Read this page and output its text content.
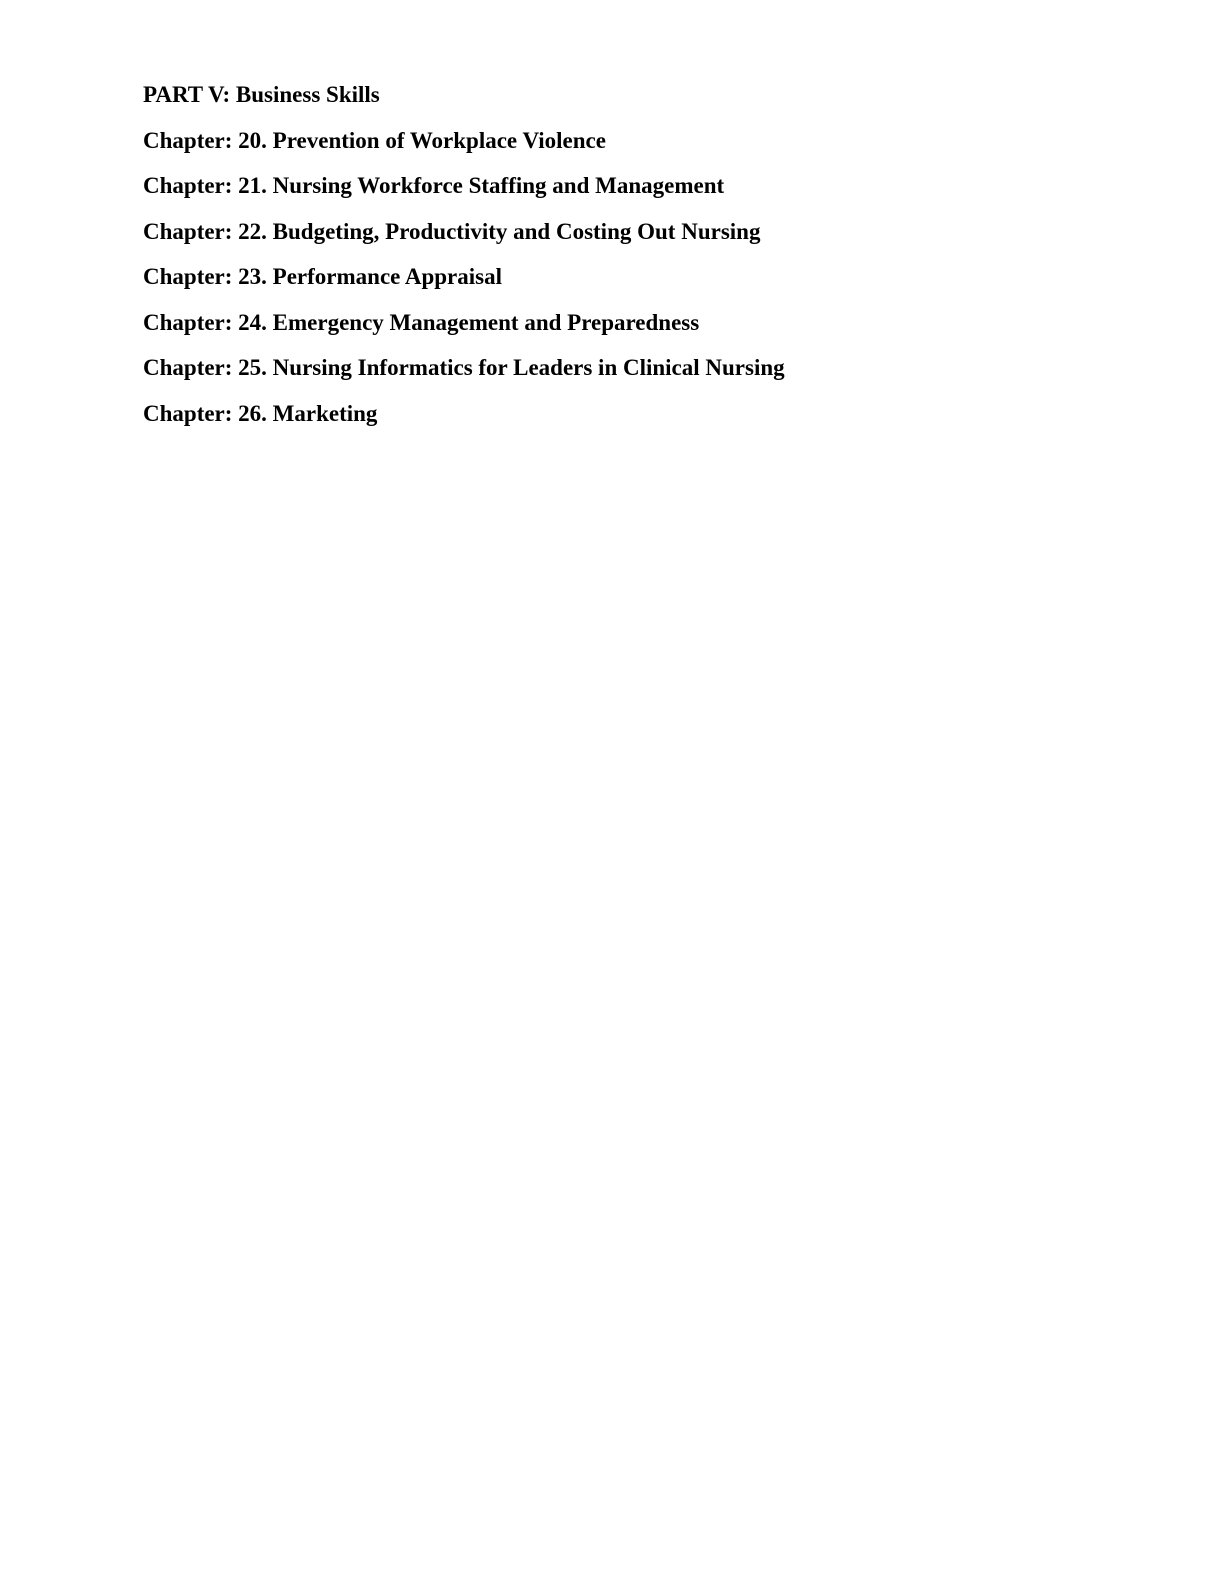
PART V: Business Skills

Chapter: 20. Prevention of Workplace Violence

Chapter: 21. Nursing Workforce Staffing and Management

Chapter: 22. Budgeting, Productivity and Costing Out Nursing

Chapter: 23. Performance Appraisal

Chapter: 24. Emergency Management and Preparedness

Chapter: 25. Nursing Informatics for Leaders in Clinical Nursing

Chapter: 26. Marketing
